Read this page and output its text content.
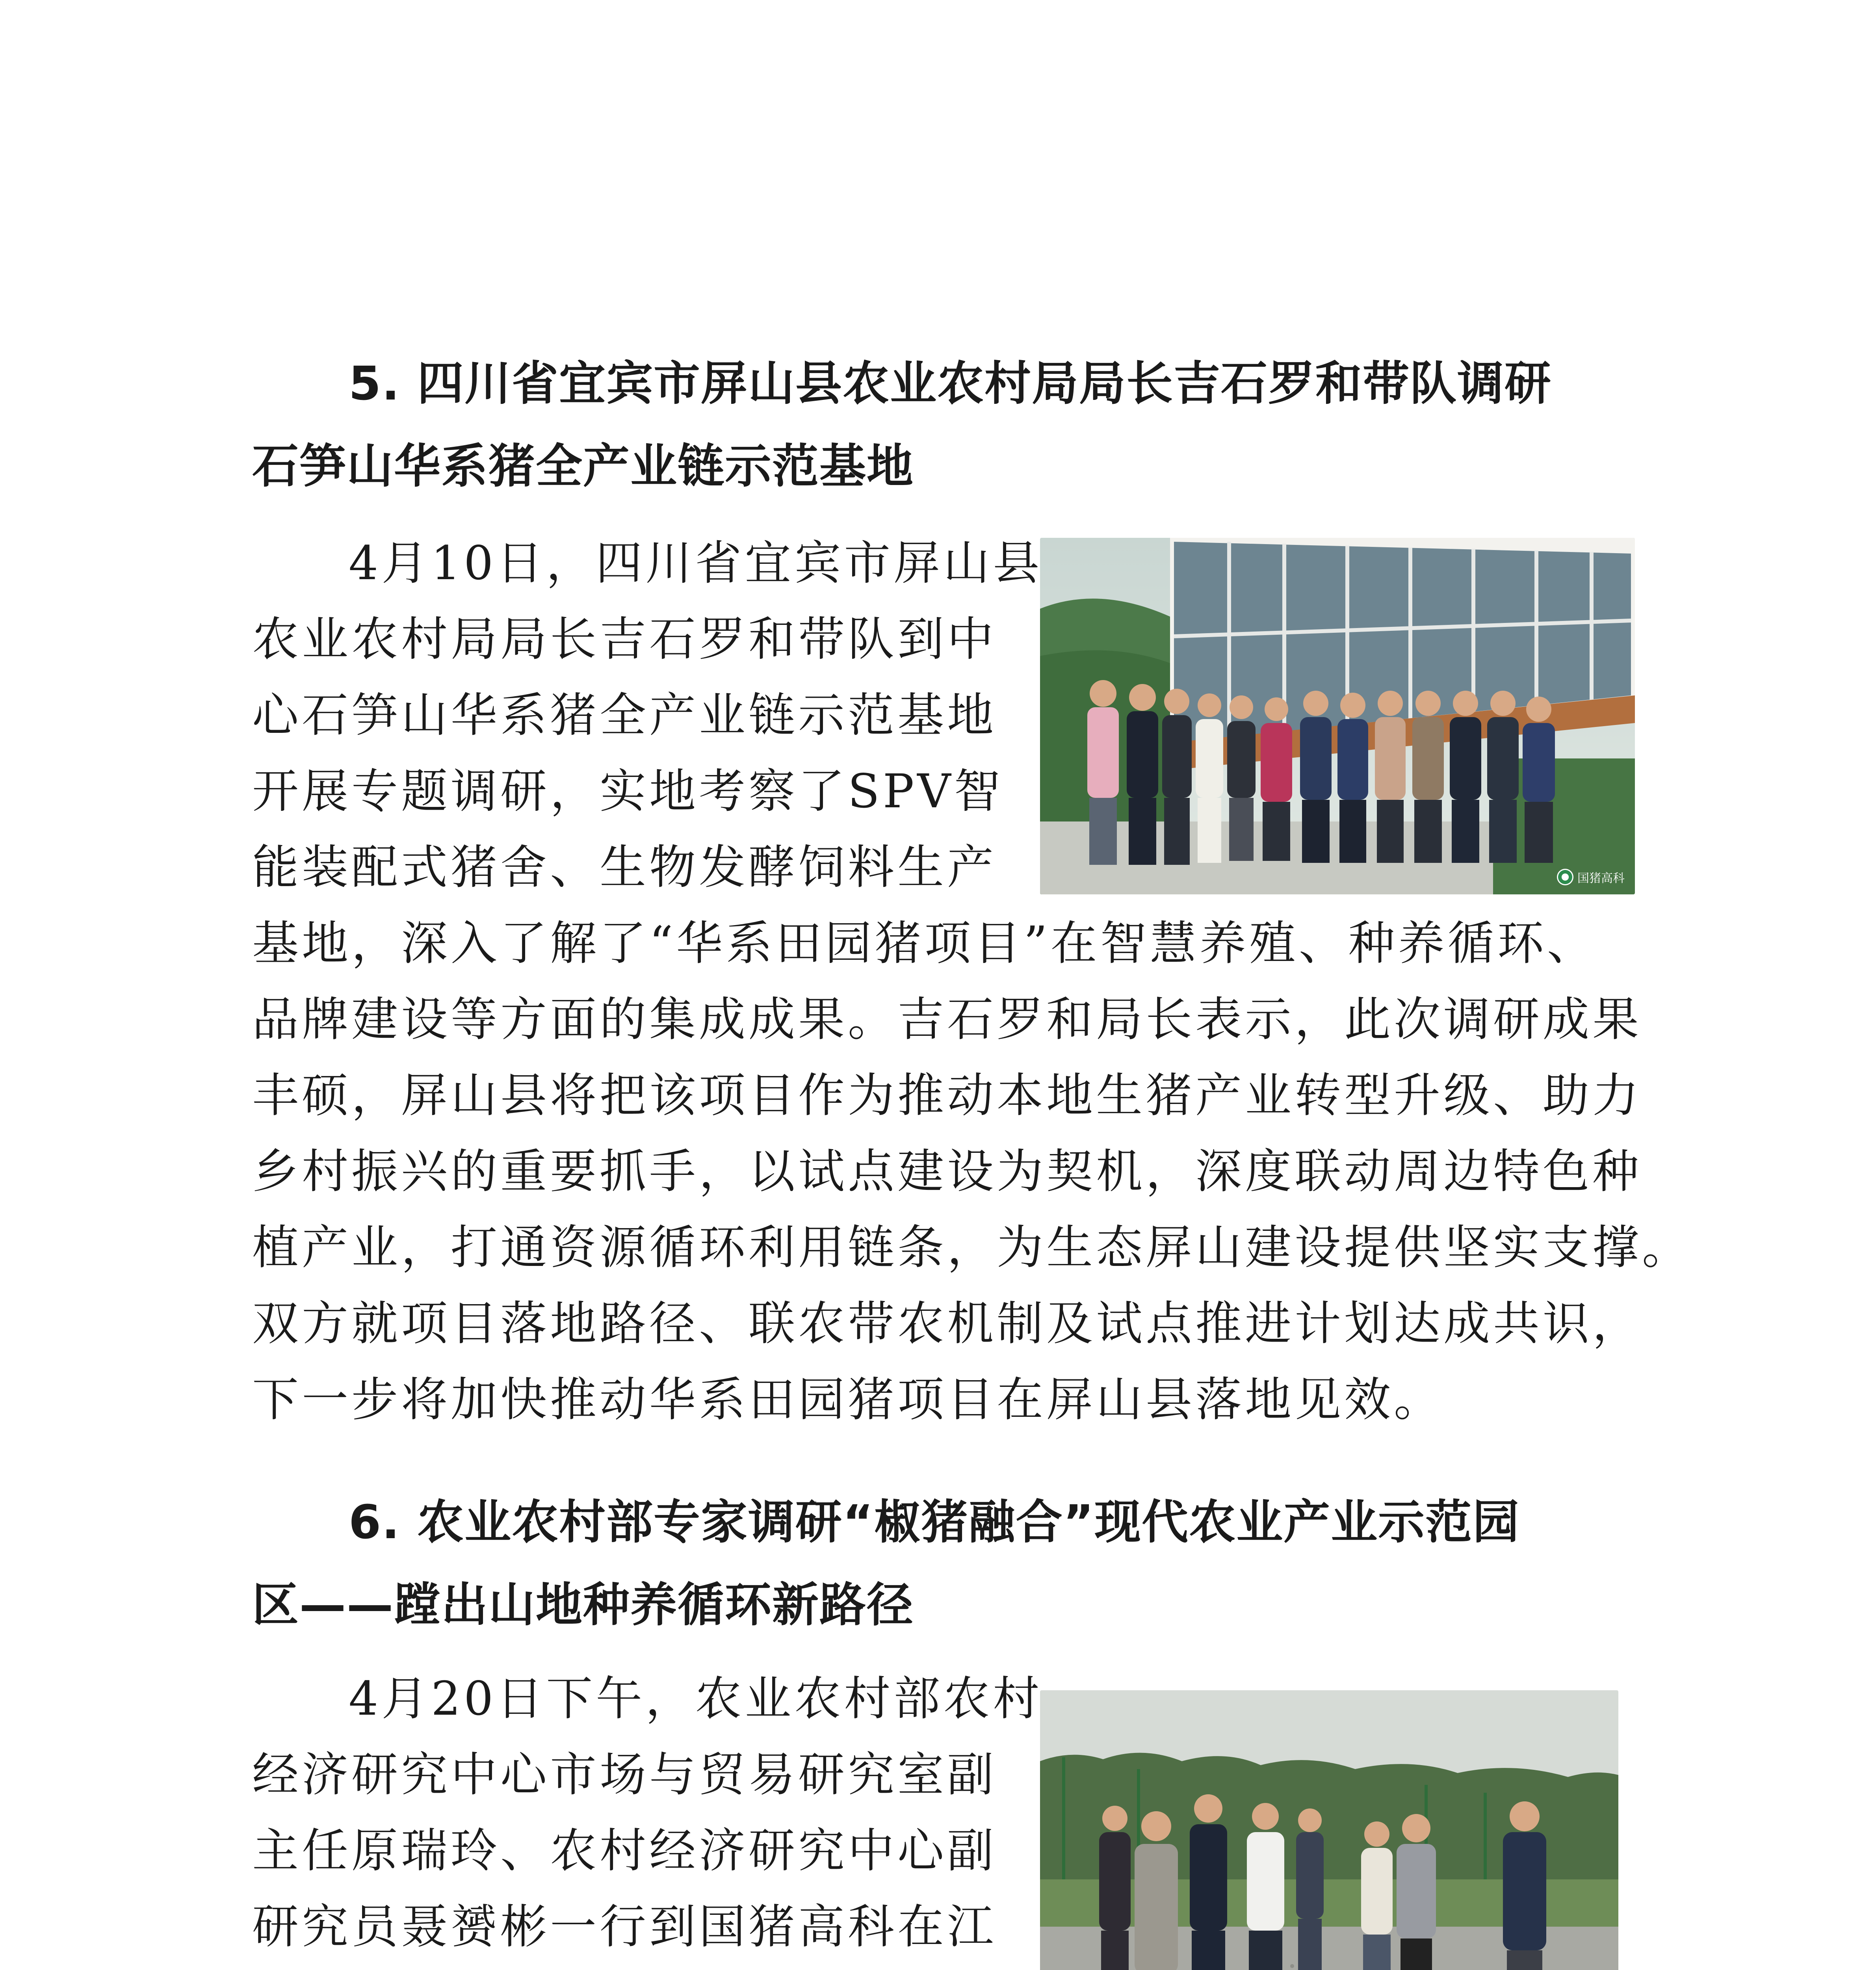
5. 四川省宜宾市屏山县农业农村局局长吉石罗和带队调研
石笋山华系猪全产业链示范基地
国猪高科
4月10日，四川省宜宾市屏山县
农业农村局局长吉石罗和带队到中
心石笋山华系猪全产业链示范基地
开展专题调研，实地考察了SPV智
能装配式猪舍、生物发酵饲料生产
基地，深入了解了“华系田园猪项目”在智慧养殖、种养循环、
品牌建设等方面的集成成果。吉石罗和局长表示，此次调研成果
丰硕，屏山县将把该项目作为推动本地生猪产业转型升级、助力
乡村振兴的重要抓手，以试点建设为契机，深度联动周边特色种
植产业，打通资源循环利用链条，为生态屏山建设提供坚实支撑。
双方就项目落地路径、联农带农机制及试点推进计划达成共识，
下一步将加快推动华系田园猪项目在屏山县落地见效。
6. 农业农村部专家调研“椒猪融合”现代农业产业示范园
区——蹚出山地种养循环新路径
4月20日下午，农业农村部农村
经济研究中心市场与贸易研究室副
主任原瑞玲、农村经济研究中心副
研究员聂赟彬一行到国猪高科在江
